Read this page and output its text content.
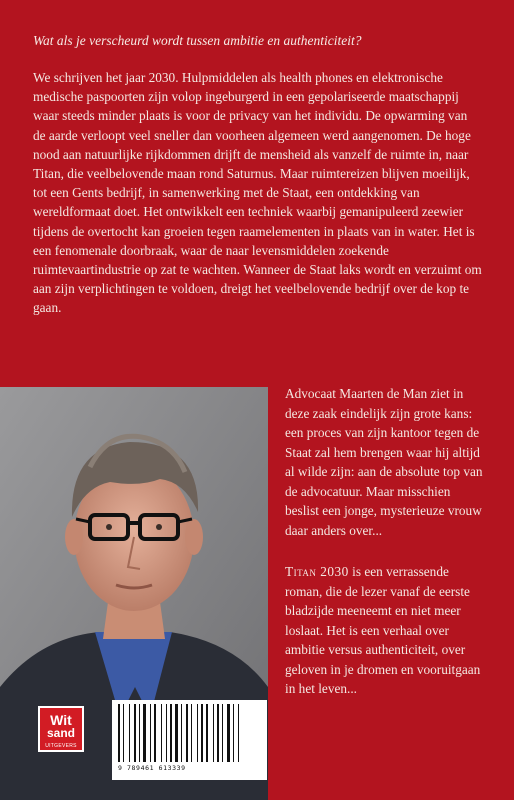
Wat als je verscheurd wordt tussen ambitie en authenticiteit?

We schrijven het jaar 2030. Hulpmiddelen als health phones en elektronische medische paspoorten zijn volop ingeburgerd in een gepolariseerde maatschappij waar steeds minder plaats is voor de privacy van het individu. De opwarming van de aarde verloopt veel sneller dan voorheen algemeen werd aangenomen. De hoge nood aan natuurlijke rijkdommen drijft de mensheid als vanzelf de ruimte in, naar Titan, die veelbelovende maan rond Saturnus. Maar ruimtereizen blijven moeilijk, tot een Gents bedrijf, in samenwerking met de Staat, een ontdekking van wereldformaat doet. Het ontwikkelt een techniek waarbij gemanipuleerd zeewier tijdens de overtocht kan groeien tegen raamelementen in plaats van in water. Het is een fenomenale doorbraak, waar de naar levensmiddelen zoekende ruimtevaartindustrie op zat te wachten. Wanneer de Staat laks wordt en verzuimt om aan zijn verplichtingen te voldoen, dreigt het veelbelovende bedrijf over de kop te gaan.

Advocaat Maarten de Man ziet in deze zaak eindelijk zijn grote kans: een proces van zijn kantoor tegen de Staat zal hem brengen waar hij altijd al wilde zijn: aan de absolute top van de advocatuur. Maar misschien beslist een jonge, mysterieuze vrouw daar anders over...

Titan 2030 is een verrassende roman, die de lezer vanaf de eerste bladzijde meeneemt en niet meer loslaat. Het is een verhaal over ambitie versus authenticiteit, over geloven in je dromen en vooruitgaan in het leven...

Wit
sand
UITGEVERS
9 789461 613339
